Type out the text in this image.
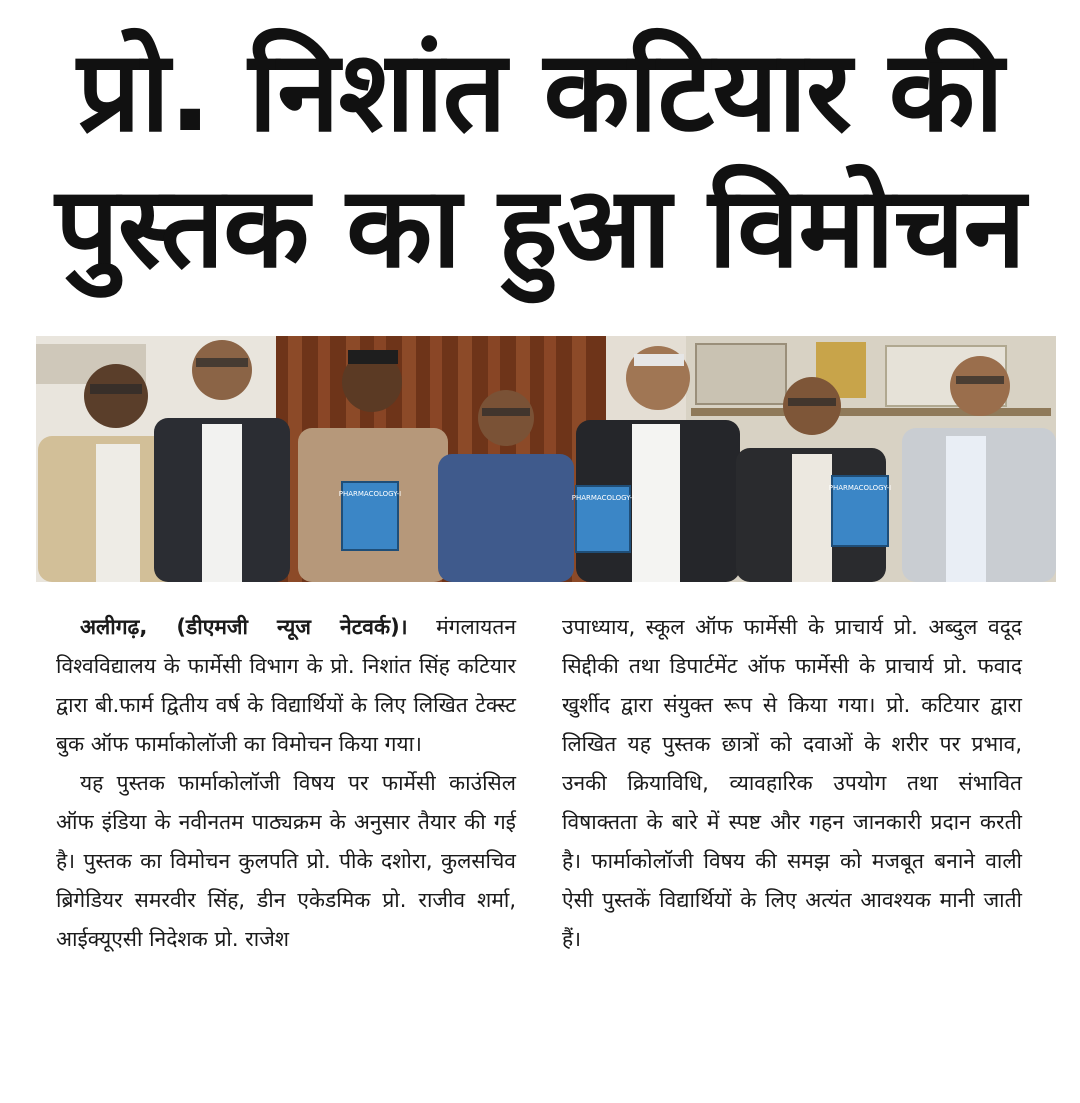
प्रो. निशांत कटियार की
पुस्तक का हुआ विमोचन
PHARMACOLOGY-I	PHARMACOLOGY-I
PHARMACOLOGY-I

अलीगढ़, (डीएमजी न्यूज नेटवर्क)। मंगलायतन विश्वविद्यालय के फार्मेसी विभाग के प्रो. निशांत सिंह कटियार द्वारा बी.फार्म द्वितीय वर्ष के विद्यार्थियों के लिए लिखित टेक्स्ट बुक ऑफ फार्माकोलॉजी का विमोचन किया गया।

यह पुस्तक फार्माकोलॉजी विषय पर फार्मेसी काउंसिल ऑफ इंडिया के नवीनतम पाठ्यक्रम के अनुसार तैयार की गई है। पुस्तक का विमोचन कुलपति प्रो. पीके दशोरा, कुलसचिव ब्रिगेडियर समरवीर सिंह, डीन एकेडमिक प्रो. राजीव शर्मा, आईक्यूएसी निदेशक प्रो. राजेश

उपाध्याय, स्कूल ऑफ फार्मेसी के प्राचार्य प्रो. अब्दुल वदूद सिद्दीकी तथा डिपार्टमेंट ऑफ फार्मेसी के प्राचार्य प्रो. फवाद खुर्शीद द्वारा संयुक्त रूप से किया गया। प्रो. कटियार द्वारा लिखित यह पुस्तक छात्रों को दवाओं के शरीर पर प्रभाव, उनकी क्रियाविधि, व्यावहारिक उपयोग तथा संभावित विषाक्तता के बारे में स्पष्ट और गहन जानकारी प्रदान करती है। फार्माकोलॉजी विषय की समझ को मजबूत बनाने वाली ऐसी पुस्तकें विद्यार्थियों के लिए अत्यंत आवश्यक मानी जाती हैं।
